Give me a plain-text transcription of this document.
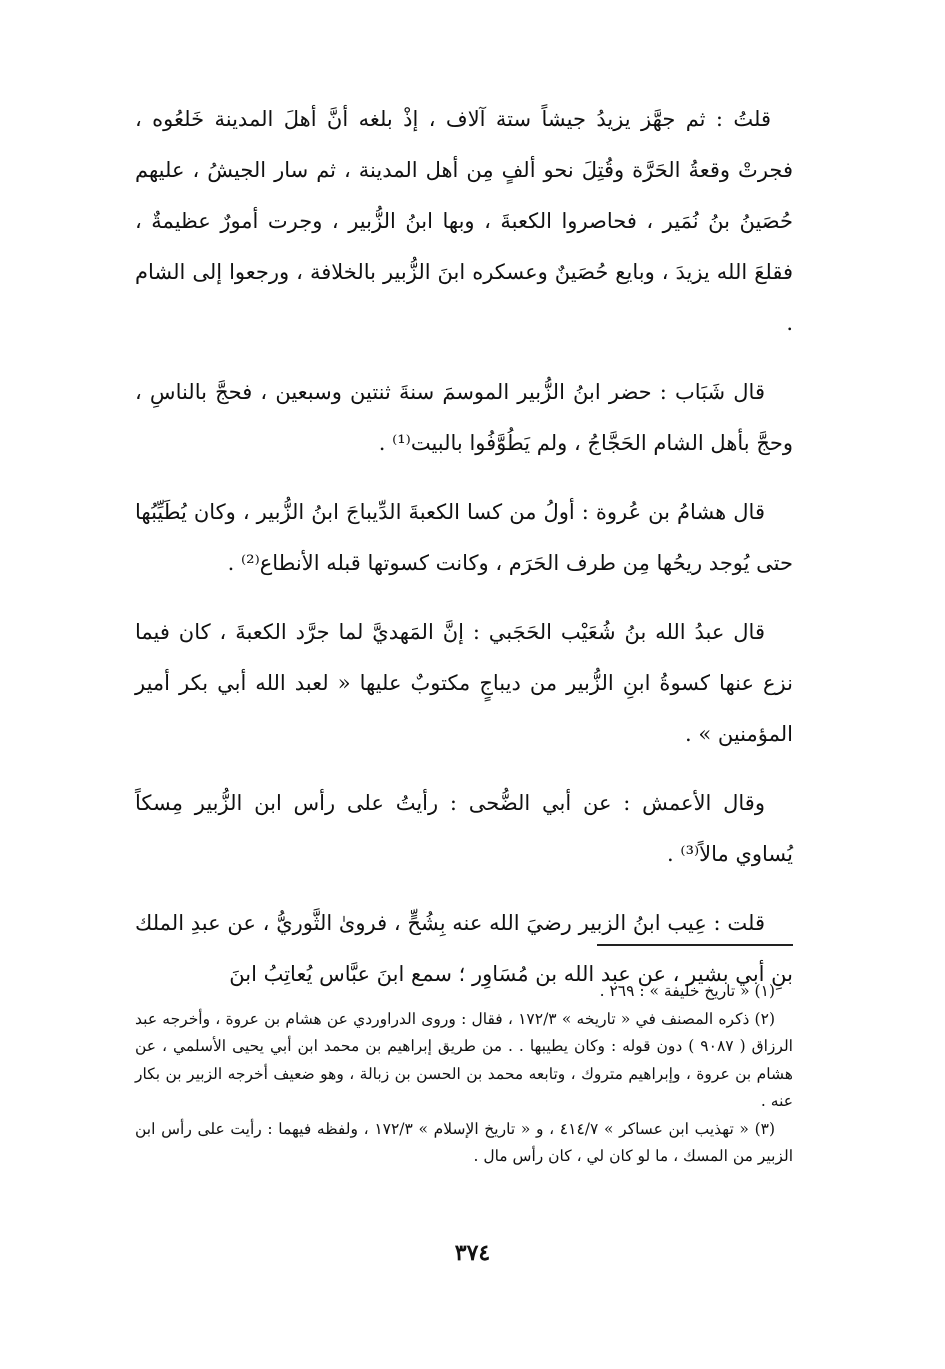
قلتُ : ثم جهَّز يزيدُ جيشاً ستة آلاف ، إذْ بلغه أنَّ أهلَ المدينة خَلعُوه ، فجرتْ وقعةُ الحَرَّة وقُتِلَ نحو ألفٍ مِن أهل المدينة ، ثم سار الجيشُ ، عليهم حُصَينُ بنُ نُمَير ، فحاصروا الكعبةَ ، وبها ابنُ الزُّبير ، وجرت أمورٌ عظيمةٌ ، فقلعَ الله يزيدَ ، وبايع حُصَينٌ وعسكره ابنَ الزُّبير بالخلافة ، ورجعوا إلى الشام .

قال شَبَاب : حضر ابنُ الزُّبير الموسمَ سنةَ ثنتين وسبعين ، فحجَّ بالناسِ ، وحجَّ بأهل الشام الحَجَّاجُ ، ولم يَطُوَّفُوا بالبيت⁽¹⁾ .

قال هشامُ بن عُروة : أولُ من كسا الكعبةَ الدِّيباجَ ابنُ الزُّبير ، وكان يُطَيِّبُها حتى يُوجد ريحُها مِن طرف الحَرَم ، وكانت كسوتها قبله الأنطاع⁽²⁾ .

قال عبدُ الله بنُ شُعَيْب الحَجَبي : إنَّ المَهديَّ لما جرَّد الكعبةَ ، كان فيما نزع عنها كسوةُ ابنِ الزُّبير من ديباجٍ مكتوبٌ عليها « لعبد الله أبي بكر أمير المؤمنين » .

وقال الأعمش : عن أبي الضُّحى : رأيتُ على رأس ابن الزُّبير مِسكاً يُساوي مالاً⁽³⁾ .

قلت : عِيب ابنُ الزبير رضيَ الله عنه بِشُحٍّ ، فروىٰ الثَّوريُّ ، عن عبدِ الملك بنِ أبي بشير ، عن عبد الله بن مُسَاوِر ؛ سمع ابنَ عبَّاس يُعاتِبُ ابنَ

(١) « تاريخ خليفة » : ٢٦٩ .

(٢) ذكره المصنف في « تاريخه » ١٧٢/٣ ، فقال : وروى الدراوردي عن هشام بن عروة ، وأخرجه عبد الرزاق ( ٩٠٨٧ ) دون قوله : وكان يطيبها . . من طريق إبراهيم بن محمد ابن أبي يحيى الأسلمي ، عن هشام بن عروة ، وإبراهيم متروك ، وتابعه محمد بن الحسن بن زبالة ، وهو ضعيف أخرجه الزبير بن بكار عنه .

(٣) « تهذيب ابن عساكر » ٤١٤/٧ ، و « تاريخ الإسلام » ١٧٢/٣ ، ولفظه فيهما : رأيت على رأس ابن الزبير من المسك ، ما لو كان لي ، كان رأس مال .

٣٧٤
